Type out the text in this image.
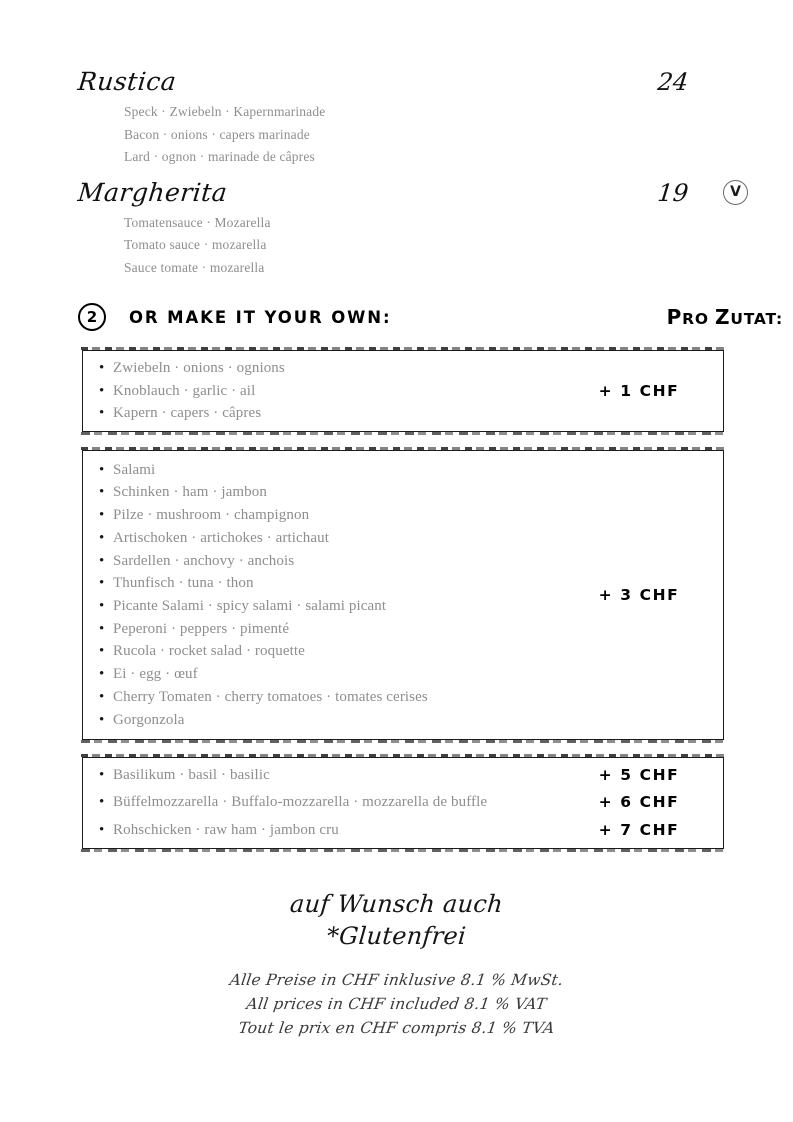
Rustica	24
Speck · Zwiebeln · Kapernmarinade
Bacon · onions · capers marinade
Lard · ognon · marinade de câpres
Margherita	19	V
Tomatensauce · Mozarella
Tomato sauce · mozarella
Sauce tomate · mozarella
2	OR MAKE IT YOUR OWN:	PRO ZUTAT:
• Zwiebeln · onions · ognions
• Knoblauch · garlic · ail
• Kapern · capers · câpres
+ 1 CHF
• Salami
• Schinken · ham · jambon
• Pilze · mushroom · champignon
• Artischoken · artichokes · artichaut
• Sardellen · anchovy · anchois
• Thunfisch · tuna · thon
• Picante Salami · spicy salami · salami picant
• Peperoni · peppers · pimenté
• Rucola · rocket salad · roquette
• Ei · egg · œuf
• Cherry Tomaten · cherry tomatoes · tomates cerises
• Gorgonzola
+ 3 CHF
• Basilikum · basil · basilic	+ 5 CHF
• Büffelmozzarella · Buffalo-mozzarella · mozzarella de buffle	+ 6 CHF
• Rohschicken · raw ham · jambon cru	+ 7 CHF
auf Wunsch auch
*Glutenfrei
Alle Preise in CHF inklusive 8.1 % MwSt.
All prices in CHF included 8.1 % VAT
Tout le prix en CHF compris 8.1 % TVA
